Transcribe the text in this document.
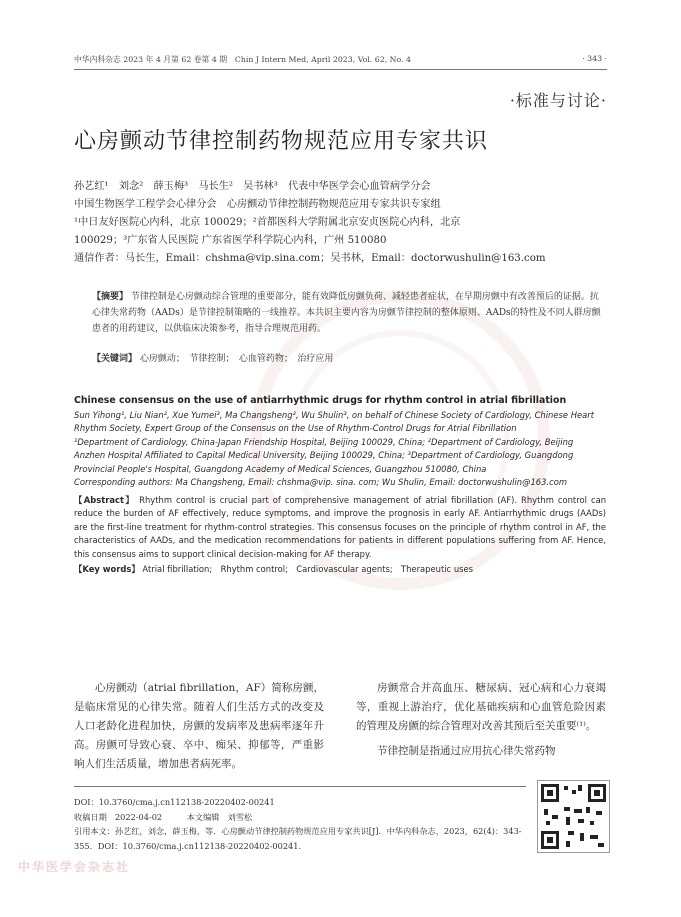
中华内科杂志 2023 年 4 月第 62 卷第 4 期　Chin J Intern Med, April 2023, Vol. 62, No. 4	· 343 ·
·标准与讨论·
心房颤动节律控制药物规范应用专家共识
孙艺红¹　刘念²　薛玉梅³　马长生²　吴书林³　代表中华医学会心血管病学分会
中国生物医学工程学会心律分会　心房颤动节律控制药物规范应用专家共识专家组
¹中日友好医院心内科，北京 100029；²首都医科大学附属北京安贞医院心内科，北京
100029；³广东省人民医院 广东省医学科学院心内科，广州 510080
通信作者：马长生，Email：chshma@vip.sina.com；吴书林，Email：doctorwushulin@163.com
【摘要】 节律控制是心房颤动综合管理的重要部分，能有效降低房颤负荷、减轻患者症状，在早期房颤中有改善预后的证据。抗心律失常药物（AADs）是节律控制策略的一线推荐。本共识主要内容为房颤节律控制的整体原则、AADs的特性及不同人群房颤患者的用药建议，以供临床决策参考，指导合理规范用药。
【关键词】 心房颤动；　节律控制；　心血管药物；　治疗应用
Chinese consensus on the use of antiarrhythmic drugs for rhythm control in atrial fibrillation
Sun Yihong¹, Liu Nian², Xue Yumei³, Ma Changsheng², Wu Shulin³, on behalf of Chinese Society of Cardiology, Chinese Heart Rhythm Society, Expert Group of the Consensus on the Use of Rhythm-Control Drugs for Atrial Fibrillation
¹Department of Cardiology, China-Japan Friendship Hospital, Beijing 100029, China; ²Department of Cardiology, Beijing Anzhen Hospital Affiliated to Capital Medical University, Beijing 100029, China; ³Department of Cardiology, Guangdong Provincial People's Hospital, Guangdong Academy of Medical Sciences, Guangzhou 510080, China
Corresponding authors: Ma Changsheng, Email: chshma@vip. sina. com; Wu Shulin, Email: doctorwushulin@163.com
【Abstract】 Rhythm control is crucial part of comprehensive management of atrial fibrillation (AF). Rhythm control can reduce the burden of AF effectively, reduce symptoms, and improve the prognosis in early AF. Antiarrhythmic drugs (AADs) are the first-line treatment for rhythm-control strategies. This consensus focuses on the principle of rhythm control in AF, the characteristics of AADs, and the medication recommendations for patients in different populations suffering from AF. Hence, this consensus aims to support clinical decision-making for AF therapy.
【Key words】 Atrial fibrillation;　Rhythm control;　Cardiovascular agents;　Therapeutic uses
心房颤动（atrial fibrillation，AF）简称房颤，是临床常见的心律失常。随着人们生活方式的改变及人口老龄化进程加快，房颤的发病率及患病率逐年升高。房颤可导致心衰、卒中、痴呆、抑郁等，严重影响人们生活质量，增加患者病死率。
房颤常合并高血压、糖尿病、冠心病和心力衰竭等，重视上游治疗，优化基础疾病和心血管危险因素的管理及房颤的综合管理对改善其预后至关重要⁽¹⁾。
节律控制是指通过应用抗心律失常药物
DOI：10.3760/cma.j.cn112138-20220402-00241
收稿日期　2022-04-02　　　本文编辑　刘雪松
引用本文：孙艺红，刘念，薛玉梅，等．心房颤动节律控制药物规范应用专家共识[J]．中华内科杂志，2023，62(4)：343-355．DOI：10.3760/cma.j.cn112138-20220402-00241.
中华医学会杂志社
